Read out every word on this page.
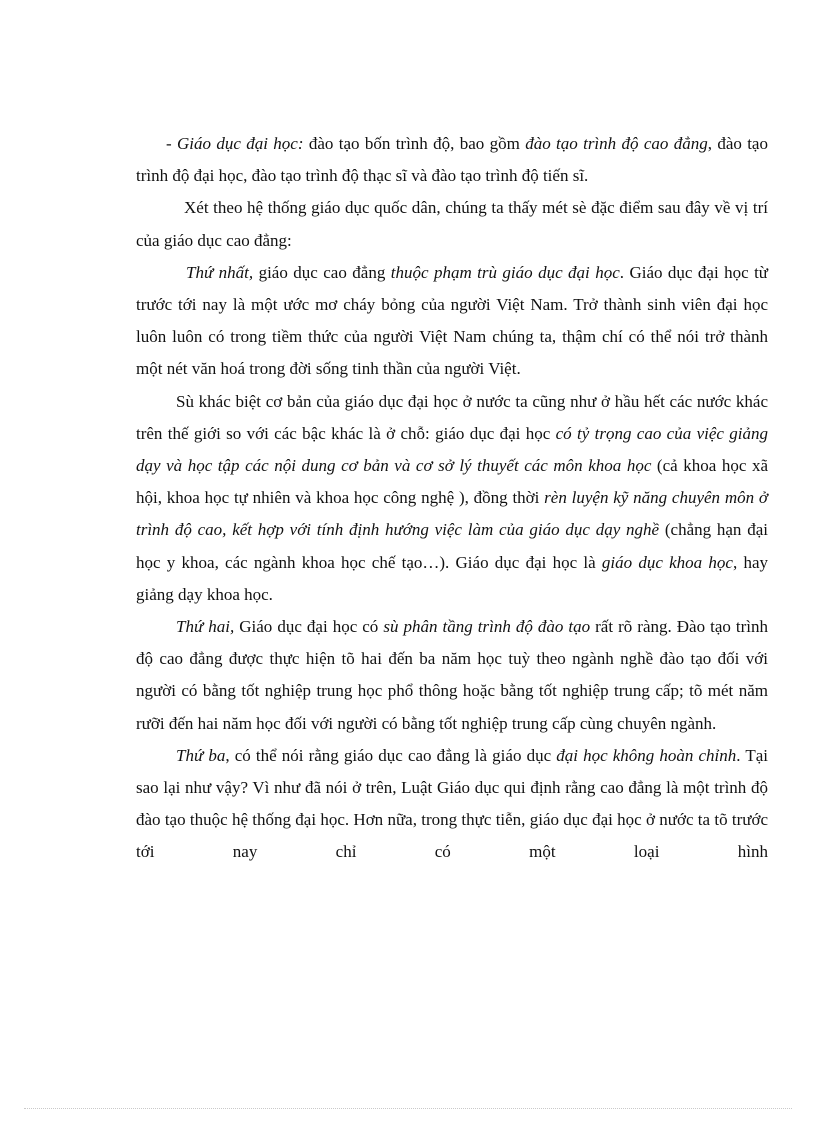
- Giáo dục đại học: đào tạo bốn trình độ, bao gồm đào tạo trình độ cao đẳng, đào tạo trình độ đại học, đào tạo trình độ thạc sĩ và đào tạo trình độ tiến sĩ.

Xét theo hệ thống giáo dục quốc dân, chúng ta thấy mét sè đặc điểm sau đây về vị trí của giáo dục cao đẳng:

Thứ nhất, giáo dục cao đẳng thuộc phạm trù giáo dục đại học. Giáo dục đại học từ trước tới nay là một ước mơ cháy bỏng của người Việt Nam. Trở thành sinh viên đại học luôn luôn có trong tiềm thức của người Việt Nam chúng ta, thậm chí có thể nói trở thành một nét văn hoá trong đời sống tinh thần của người Việt.

Sù khác biệt cơ bản của giáo dục đại học ở nước ta cũng như ở hầu hết các nước khác trên thế giới so với các bậc khác là ở chỗ: giáo dục đại học có tỷ trọng cao của việc giảng dạy và học tập các nội dung cơ bản và cơ sở lý thuyết các môn khoa học (cả khoa học xã hội, khoa học tự nhiên và khoa học công nghệ ), đồng thời rèn luyện kỹ năng chuyên môn ở trình độ cao, kết hợp với tính định hướng việc làm của giáo dục dạy nghề (chẳng hạn đại học y khoa, các ngành khoa học chế tạo…). Giáo dục đại học là giáo dục khoa học, hay giảng dạy khoa học.

Thứ hai, Giáo dục đại học có sù phân tầng trình độ đào tạo rất rõ ràng. Đào tạo trình độ cao đẳng được thực hiện tõ hai đến ba năm học tuỳ theo ngành nghề đào tạo đối với người có bằng tốt nghiệp trung học phổ thông hoặc bằng tốt nghiệp trung cấp; tõ mét năm rưỡi đến hai năm học đối với người có bằng tốt nghiệp trung cấp cùng chuyên ngành.

Thứ ba, có thể nói rằng giáo dục cao đẳng là giáo dục đại học không hoàn chỉnh. Tại sao lại như vậy? Vì như đã nói ở trên, Luật Giáo dục qui định rằng cao đẳng là một trình độ đào tạo thuộc hệ thống đại học. Hơn nữa, trong thực tiễn, giáo dục đại học ở nước ta tõ trước tới nay chỉ có một loại hình
